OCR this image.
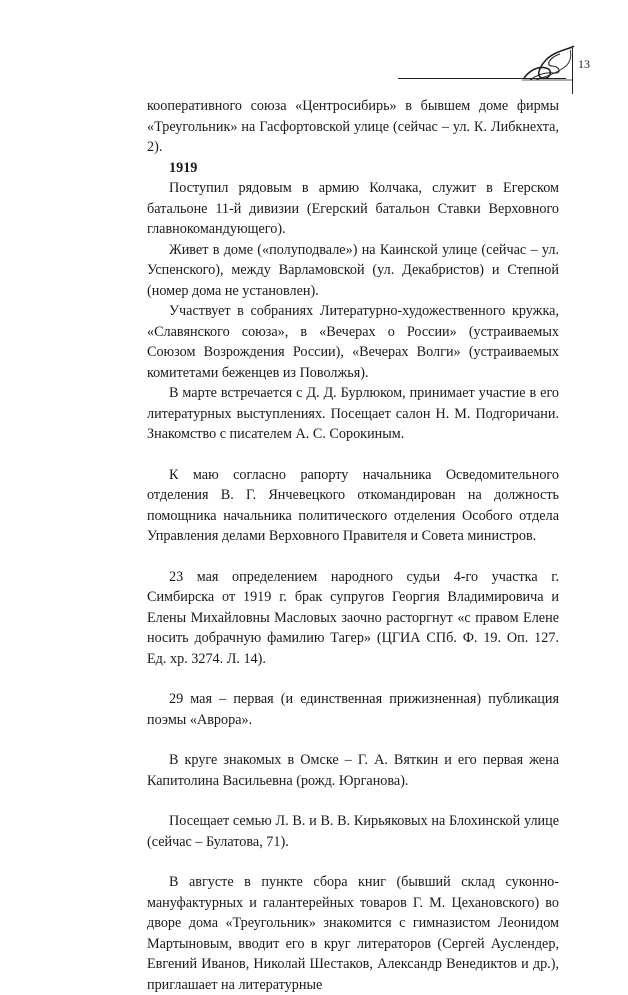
13

кооперативного союза «Центросибирь» в бывшем доме фирмы «Треугольник» на Гасфортовской улице (сейчас – ул. К. Либкнехта, 2).

1919

Поступил рядовым в армию Колчака, служит в Егерском батальоне 11-й дивизии (Егерский батальон Ставки Верховного главнокомандующего).

Живет в доме («полуподвале») на Каинской улице (сейчас – ул. Успенского), между Варламовской (ул. Декабристов) и Степной (номер дома не установлен).

Участвует в собраниях Литературно-художественного кружка, «Славянского союза», в «Вечерах о России» (устраиваемых Союзом Возрождения России), «Вечерах Волги» (устраиваемых комитетами беженцев из Поволжья).

В марте встречается с Д. Д. Бурлюком, принимает участие в его литературных выступлениях. Посещает салон Н. М. Подгоричани. Знакомство с писателем А. С. Сорокиным.

К маю согласно рапорту начальника Осведомительного отделения В. Г. Янчевецкого откомандирован на должность помощника начальника политического отделения Особого отдела Управления делами Верховного Правителя и Совета министров.

23 мая определением народного судьи 4-го участка г. Симбирска от 1919 г. брак супругов Георгия Владимировича и Елены Михайловны Масловых заочно расторгнут «с правом Елене носить добрачную фамилию Тагер» (ЦГИА СПб. Ф. 19. Оп. 127. Ед. хр. 3274. Л. 14).

29 мая – первая (и единственная прижизненная) публикация поэмы «Аврора».

В круге знакомых в Омске – Г. А. Вяткин и его первая жена Капитолина Васильевна (рожд. Юрганова).

Посещает семью Л. В. и В. В. Кирьяковых на Блохинской улице (сейчас – Булатова, 71).

В августе в пункте сбора книг (бывший склад суконно-мануфактурных и галантерейных товаров Г. М. Цехановского) во дворе дома «Треугольник» знакомится с гимназистом Леонидом Мартыновым, вводит его в круг литераторов (Сергей Ауслендер, Евгений Иванов, Николай Шестаков, Александр Венедиктов и др.), приглашает на литературные
